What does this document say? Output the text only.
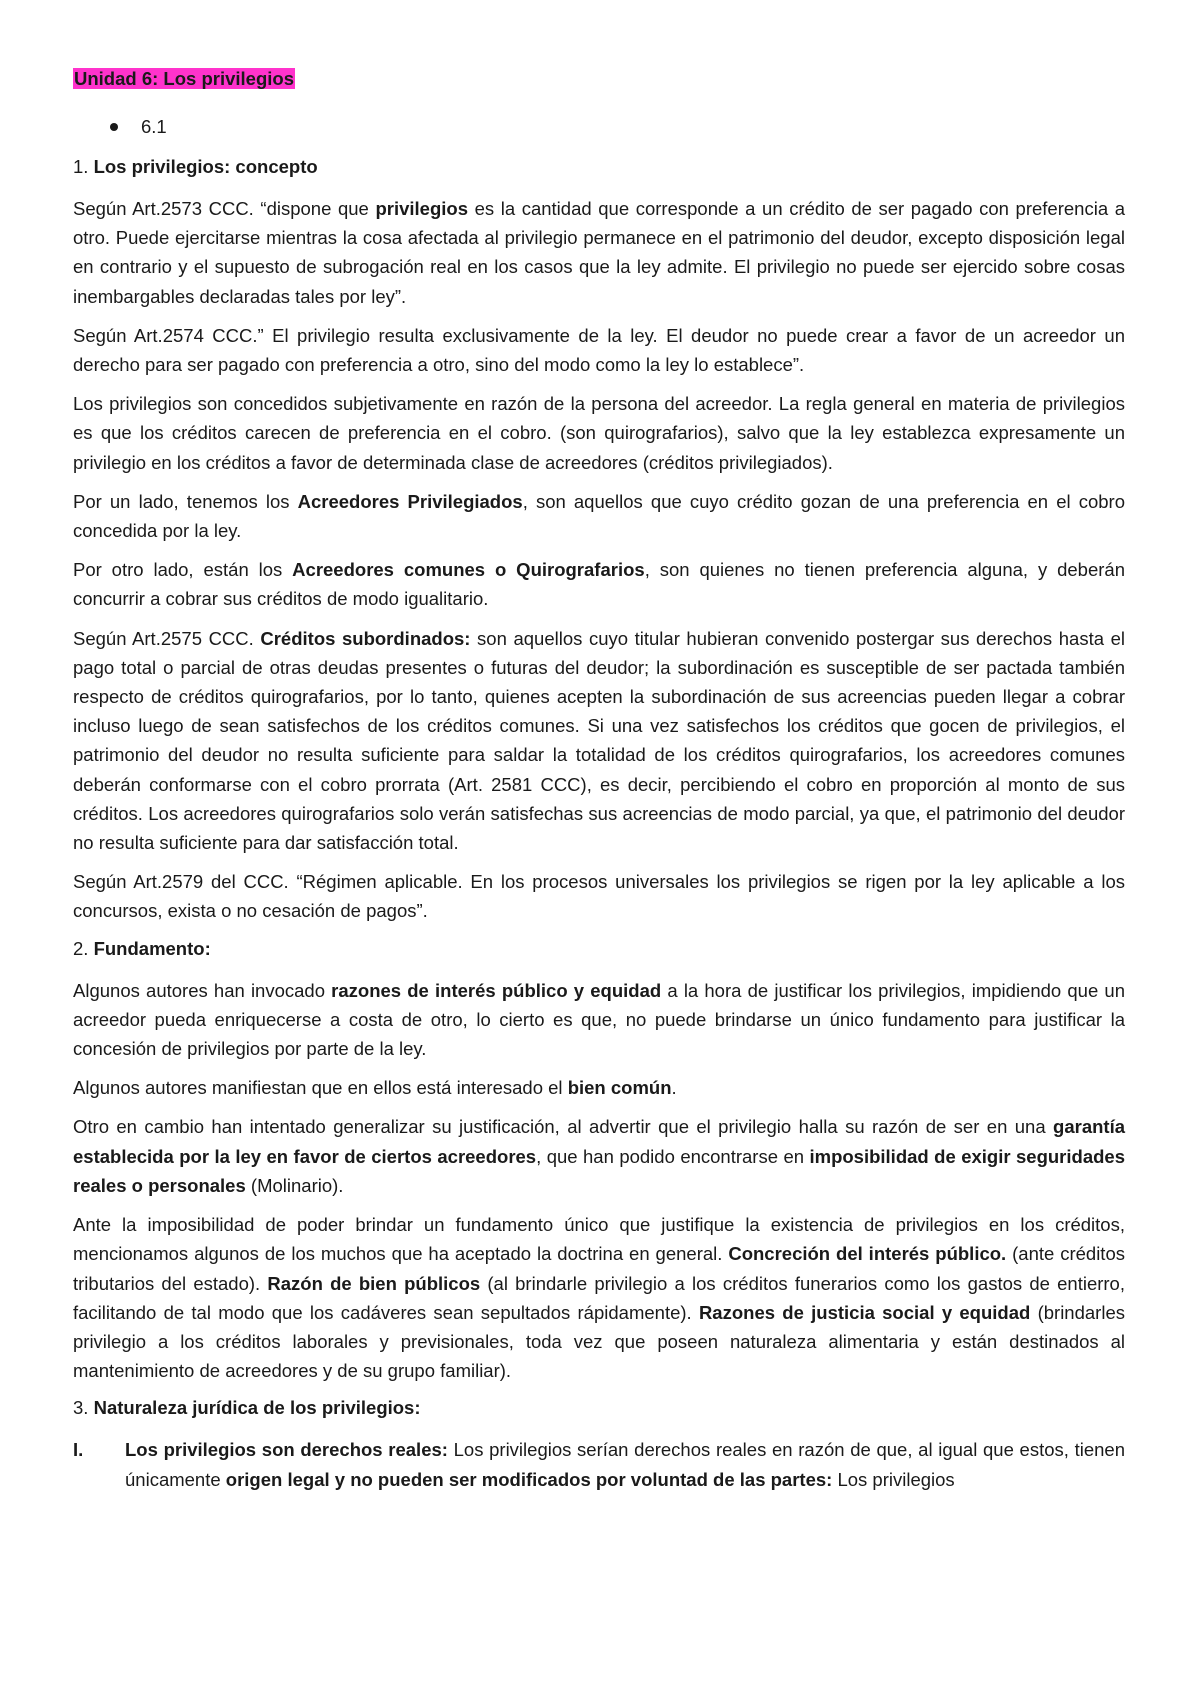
Unidad 6: Los privilegios
6.1
1. Los privilegios: concepto

Según Art.2573 CCC. “dispone que privilegios es la cantidad que corresponde a un crédito de ser pagado con preferencia a otro. Puede ejercitarse mientras la cosa afectada al privilegio permanece en el patrimonio del deudor, excepto disposición legal en contrario y el supuesto de subrogación real en los casos que la ley admite. El privilegio no puede ser ejercido sobre cosas inembargables declaradas tales por ley”.

Según Art.2574 CCC.” El privilegio resulta exclusivamente de la ley. El deudor no puede crear a favor de un acreedor un derecho para ser pagado con preferencia a otro, sino del modo como la ley lo establece”.

Los privilegios son concedidos subjetivamente en razón de la persona del acreedor. La regla general en materia de privilegios es que los créditos carecen de preferencia en el cobro. (son quirografarios), salvo que la ley establezca expresamente un privilegio en los créditos a favor de determinada clase de acreedores (créditos privilegiados).

Por un lado, tenemos los Acreedores Privilegiados, son aquellos que cuyo crédito gozan de una preferencia en el cobro concedida por la ley.

Por otro lado, están los Acreedores comunes o Quirografarios, son quienes no tienen preferencia alguna, y deberán concurrir a cobrar sus créditos de modo igualitario.

Según Art.2575 CCC. Créditos subordinados: son aquellos cuyo titular hubieran convenido postergar sus derechos hasta el pago total o parcial de otras deudas presentes o futuras del deudor; la subordinación es susceptible de ser pactada también respecto de créditos quirografarios, por lo tanto, quienes acepten la subordinación de sus acreencias pueden llegar a cobrar incluso luego de sean satisfechos de los créditos comunes. Si una vez satisfechos los créditos que gocen de privilegios, el patrimonio del deudor no resulta suficiente para saldar la totalidad de los créditos quirografarios, los acreedores comunes deberán conformarse con el cobro prorrata (Art. 2581 CCC), es decir, percibiendo el cobro en proporción al monto de sus créditos. Los acreedores quirografarios solo verán satisfechas sus acreencias de modo parcial, ya que, el patrimonio del deudor no resulta suficiente para dar satisfacción total.

Según Art.2579 del CCC. “Régimen aplicable. En los procesos universales los privilegios se rigen por la ley aplicable a los concursos, exista o no cesación de pagos”.

2. Fundamento:

Algunos autores han invocado razones de interés público y equidad a la hora de justificar los privilegios, impidiendo que un acreedor pueda enriquecerse a costa de otro, lo cierto es que, no puede brindarse un único fundamento para justificar la concesión de privilegios por parte de la ley.

Algunos autores manifiestan que en ellos está interesado el bien común.

Otro en cambio han intentado generalizar su justificación, al advertir que el privilegio halla su razón de ser en una garantía establecida por la ley en favor de ciertos acreedores, que han podido encontrarse en imposibilidad de exigir seguridades reales o personales (Molinario).

Ante la imposibilidad de poder brindar un fundamento único que justifique la existencia de privilegios en los créditos, mencionamos algunos de los muchos que ha aceptado la doctrina en general. Concreción del interés público. (ante créditos tributarios del estado). Razón de bien públicos (al brindarle privilegio a los créditos funerarios como los gastos de entierro, facilitando de tal modo que los cadáveres sean sepultados rápidamente). Razones de justicia social y equidad (brindarles privilegio a los créditos laborales y previsionales, toda vez que poseen naturaleza alimentaria y están destinados al mantenimiento de acreedores y de su grupo familiar).

3. Naturaleza jurídica de los privilegios:
I.	Los privilegios son derechos reales: Los privilegios serían derechos reales en razón de que, al igual que estos, tienen únicamente origen legal y no pueden ser modificados por voluntad de las partes: Los privilegios
